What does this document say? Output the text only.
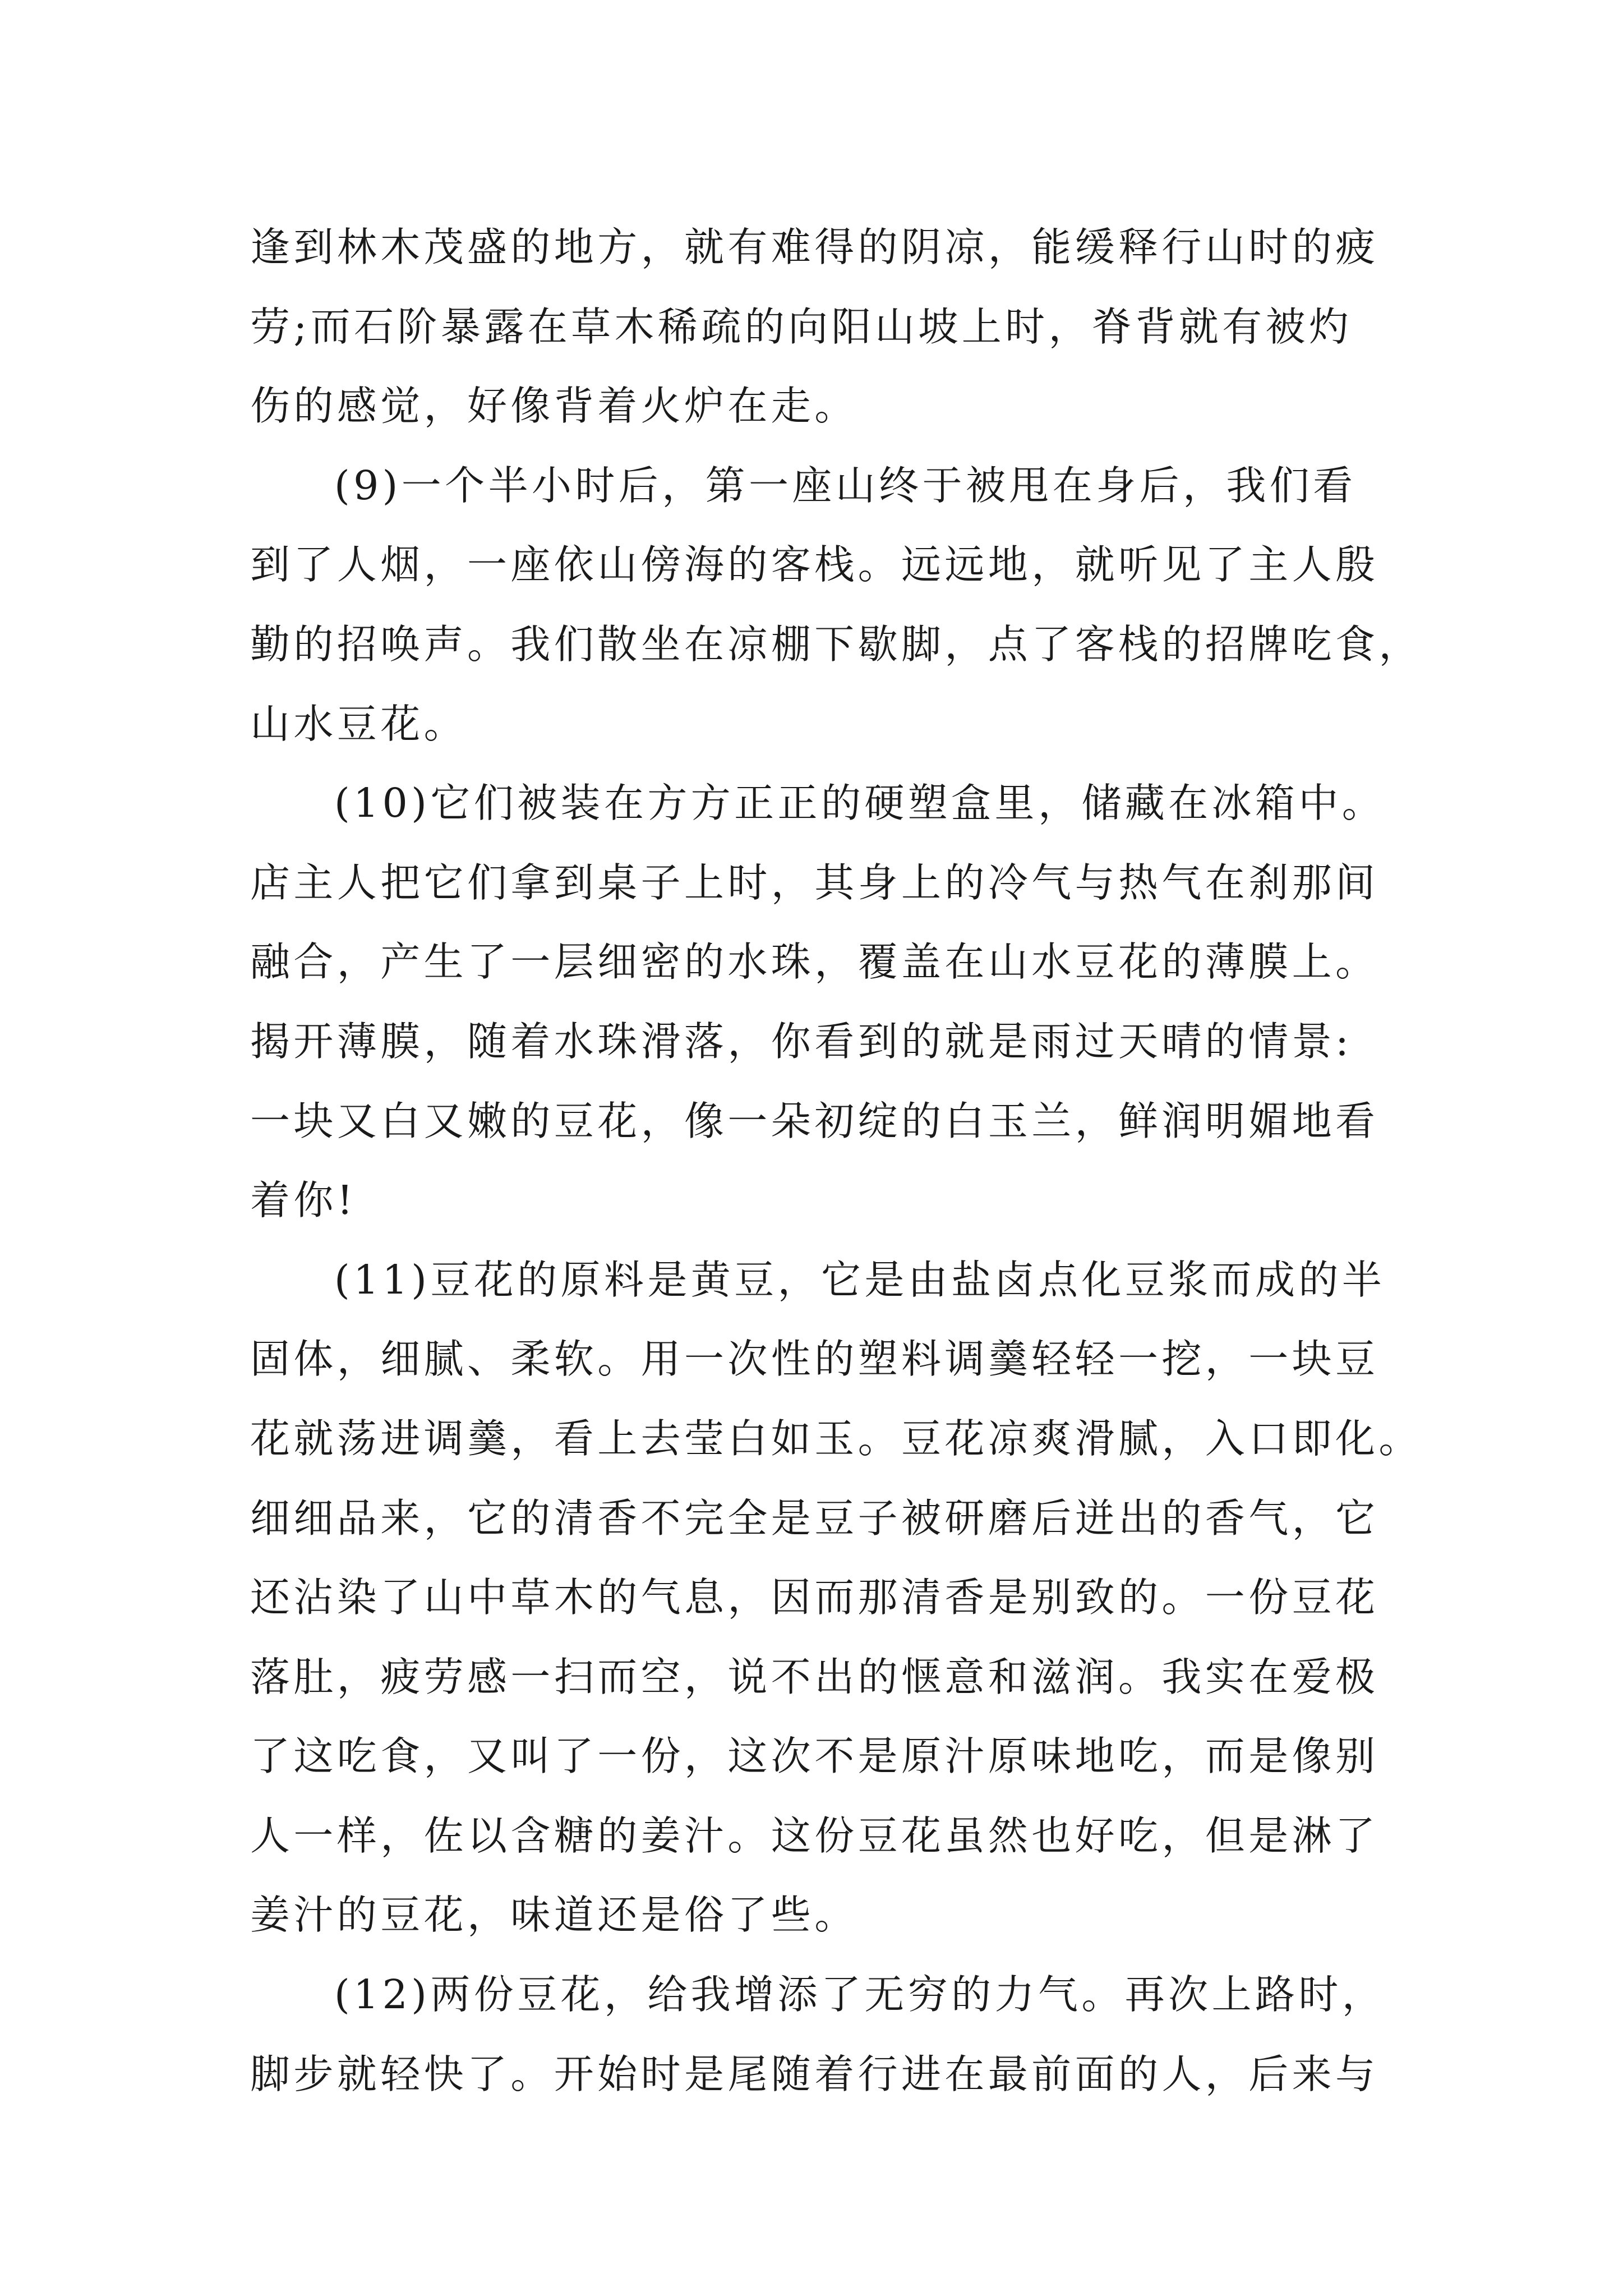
逢到林木茂盛的地方，就有难得的阴凉，能缓释行山时的疲
劳;而石阶暴露在草木稀疏的向阳山坡上时，脊背就有被灼
伤的感觉，好像背着火炉在走。
(9)一个半小时后，第一座山终于被甩在身后，我们看
到了人烟，一座依山傍海的客栈。远远地，就听见了主人殷
勤的招唤声。我们散坐在凉棚下歇脚，点了客栈的招牌吃食，
山水豆花。
(10)它们被装在方方正正的硬塑盒里，储藏在冰箱中。
店主人把它们拿到桌子上时，其身上的冷气与热气在刹那间
融合，产生了一层细密的水珠，覆盖在山水豆花的薄膜上。
揭开薄膜，随着水珠滑落，你看到的就是雨过天晴的情景:
一块又白又嫩的豆花，像一朵初绽的白玉兰，鲜润明媚地看
着你!
(11)豆花的原料是黄豆，它是由盐卤点化豆浆而成的半
固体，细腻、柔软。用一次性的塑料调羹轻轻一挖，一块豆
花就荡进调羹，看上去莹白如玉。豆花凉爽滑腻，入口即化。
细细品来，它的清香不完全是豆子被研磨后迸出的香气，它
还沾染了山中草木的气息，因而那清香是别致的。一份豆花
落肚，疲劳感一扫而空，说不出的惬意和滋润。我实在爱极
了这吃食，又叫了一份，这次不是原汁原味地吃，而是像别
人一样，佐以含糖的姜汁。这份豆花虽然也好吃，但是淋了
姜汁的豆花，味道还是俗了些。
(12)两份豆花，给我增添了无穷的力气。再次上路时，
脚步就轻快了。开始时是尾随着行进在最前面的人，后来与
